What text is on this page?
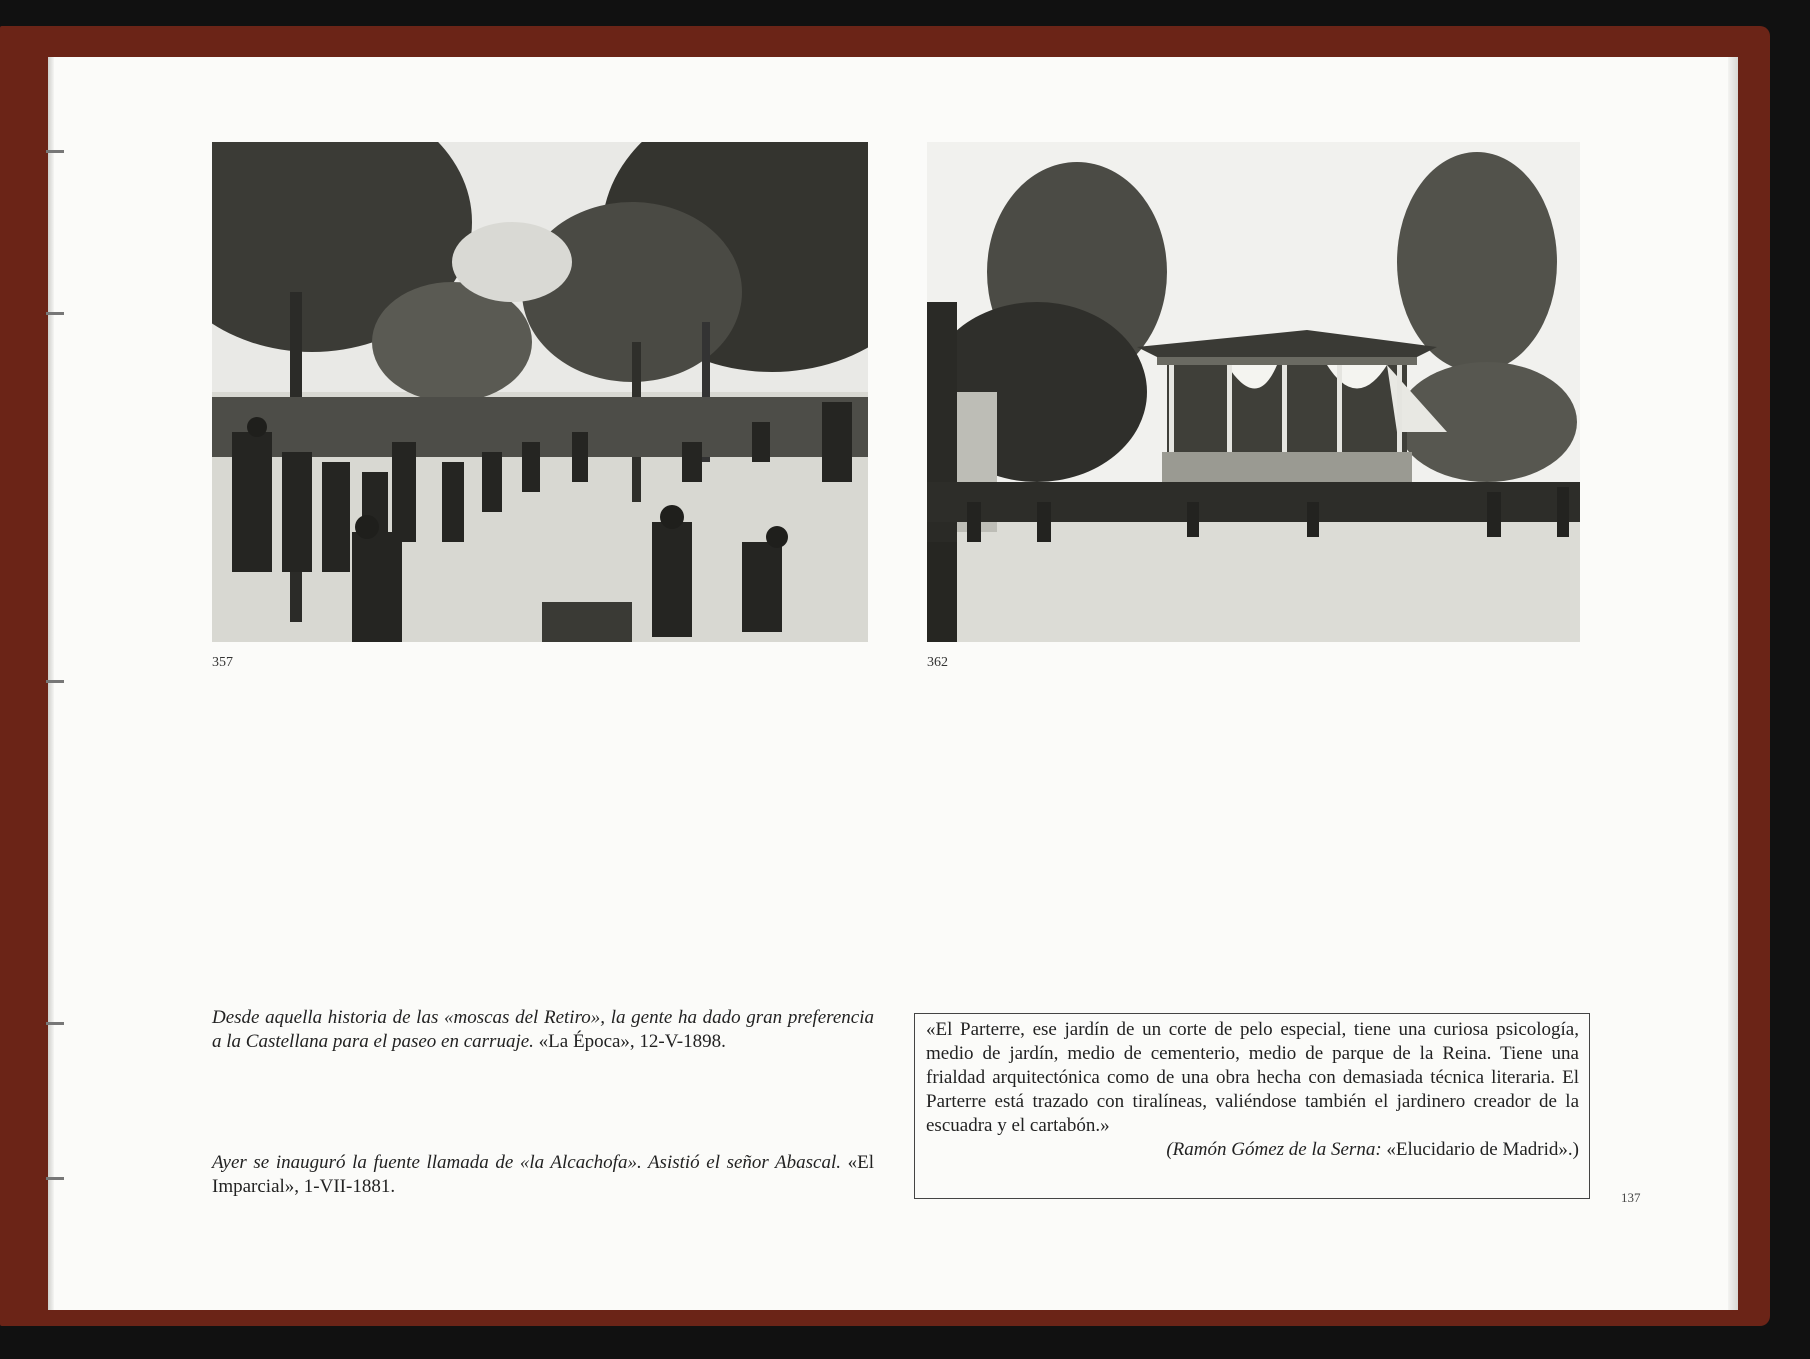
357	362
Desde aquella historia de las «moscas del Retiro», la gente ha dado gran preferencia a la Castellana para el paseo en carruaje. «La Época», 12-V-1898.
Ayer se inauguró la fuente llamada de «la Alcachofa». Asistió el señor Abascal. «El Imparcial», 1-VII-1881.
«El Parterre, ese jardín de un corte de pelo especial, tiene una curiosa psicología, medio de jardín, medio de cementerio, medio de parque de la Reina. Tiene una frialdad arquitectónica como de una obra hecha con demasiada técnica literaria. El Parterre está trazado con tiralíneas, valiéndose también el jardinero creador de la escuadra y el cartabón.»
(Ramón Gómez de la Serna: «Elucidario de Madrid».)
137
